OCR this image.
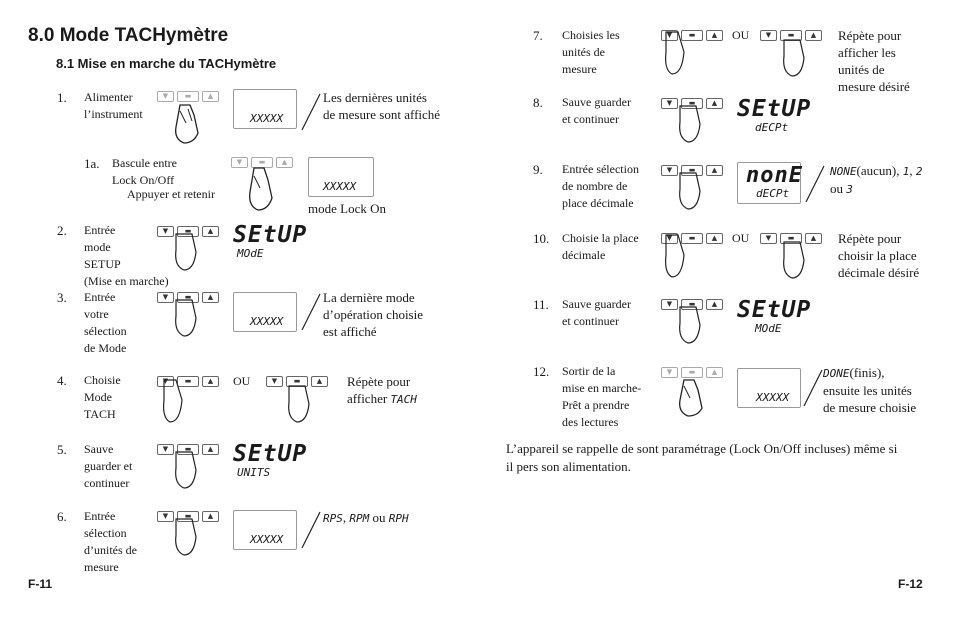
8.0 Mode TACHymètre
8.1 Mise en marche du TACHymètre
1. Alimenter
l’instrument
▼ ▬ ▲
XXXXX
Les dernières unités
de mesure sont affiché
1a. Bascule entre
Lock On/Off
Appuyer et retenir
▼ ▬ ▲
XXXXX
mode Lock On
2. Entrée
mode
SETUP
(Mise en marche)
▼ ▬ ▲ SEtUP
MOdE
3. Entrée
votre
sélection
de Mode
▼ ▬ ▲
XXXXX
La dernière mode
d’opération choisie
est affiché
4. Choisie
Mode
TACH
▼ ▬ ▲	OU	▼ ▬ ▲	Répète pour
afficher TACH
5. Sauve
guarder et
continuer
▼ ▬ ▲ SEtUP
UNITS
6. Entrée
sélection
d’unités de
mesure
▼ ▬ ▲
XXXXX
RPS, RPM ou RPH
F-11
7. Choisies les
unités de
mesure
▼ ▬ ▲	OU	▼ ▬ ▲	Répète pour
afficher les
unités de
mesure désiré
8. Sauve guarder
et continuer
▼ ▬ ▲ SEtUP
dECPt
9. Entrée sélection
de nombre de
place décimale
▼ ▬ ▲	nonE
dECPt
NONE(aucun), 1, 2
ou 3
10. Choisie la place
décimale
▼ ▬ ▲	OU	▼ ▬ ▲	Répète pour
choisir la place
décimale désiré
11. Sauve guarder
et continuer
▼ ▬ ▲ SEtUP
MOdE
12. Sortir de la
mise en marche-
Prêt a prendre
des lectures
▼ ▬ ▲
XXXXX
DONE(finis),
ensuite les unités
de mesure choisie
L’appareil se rappelle de sont paramétrage (Lock On/Off incluses) même si
il pers son alimentation.
F-12
